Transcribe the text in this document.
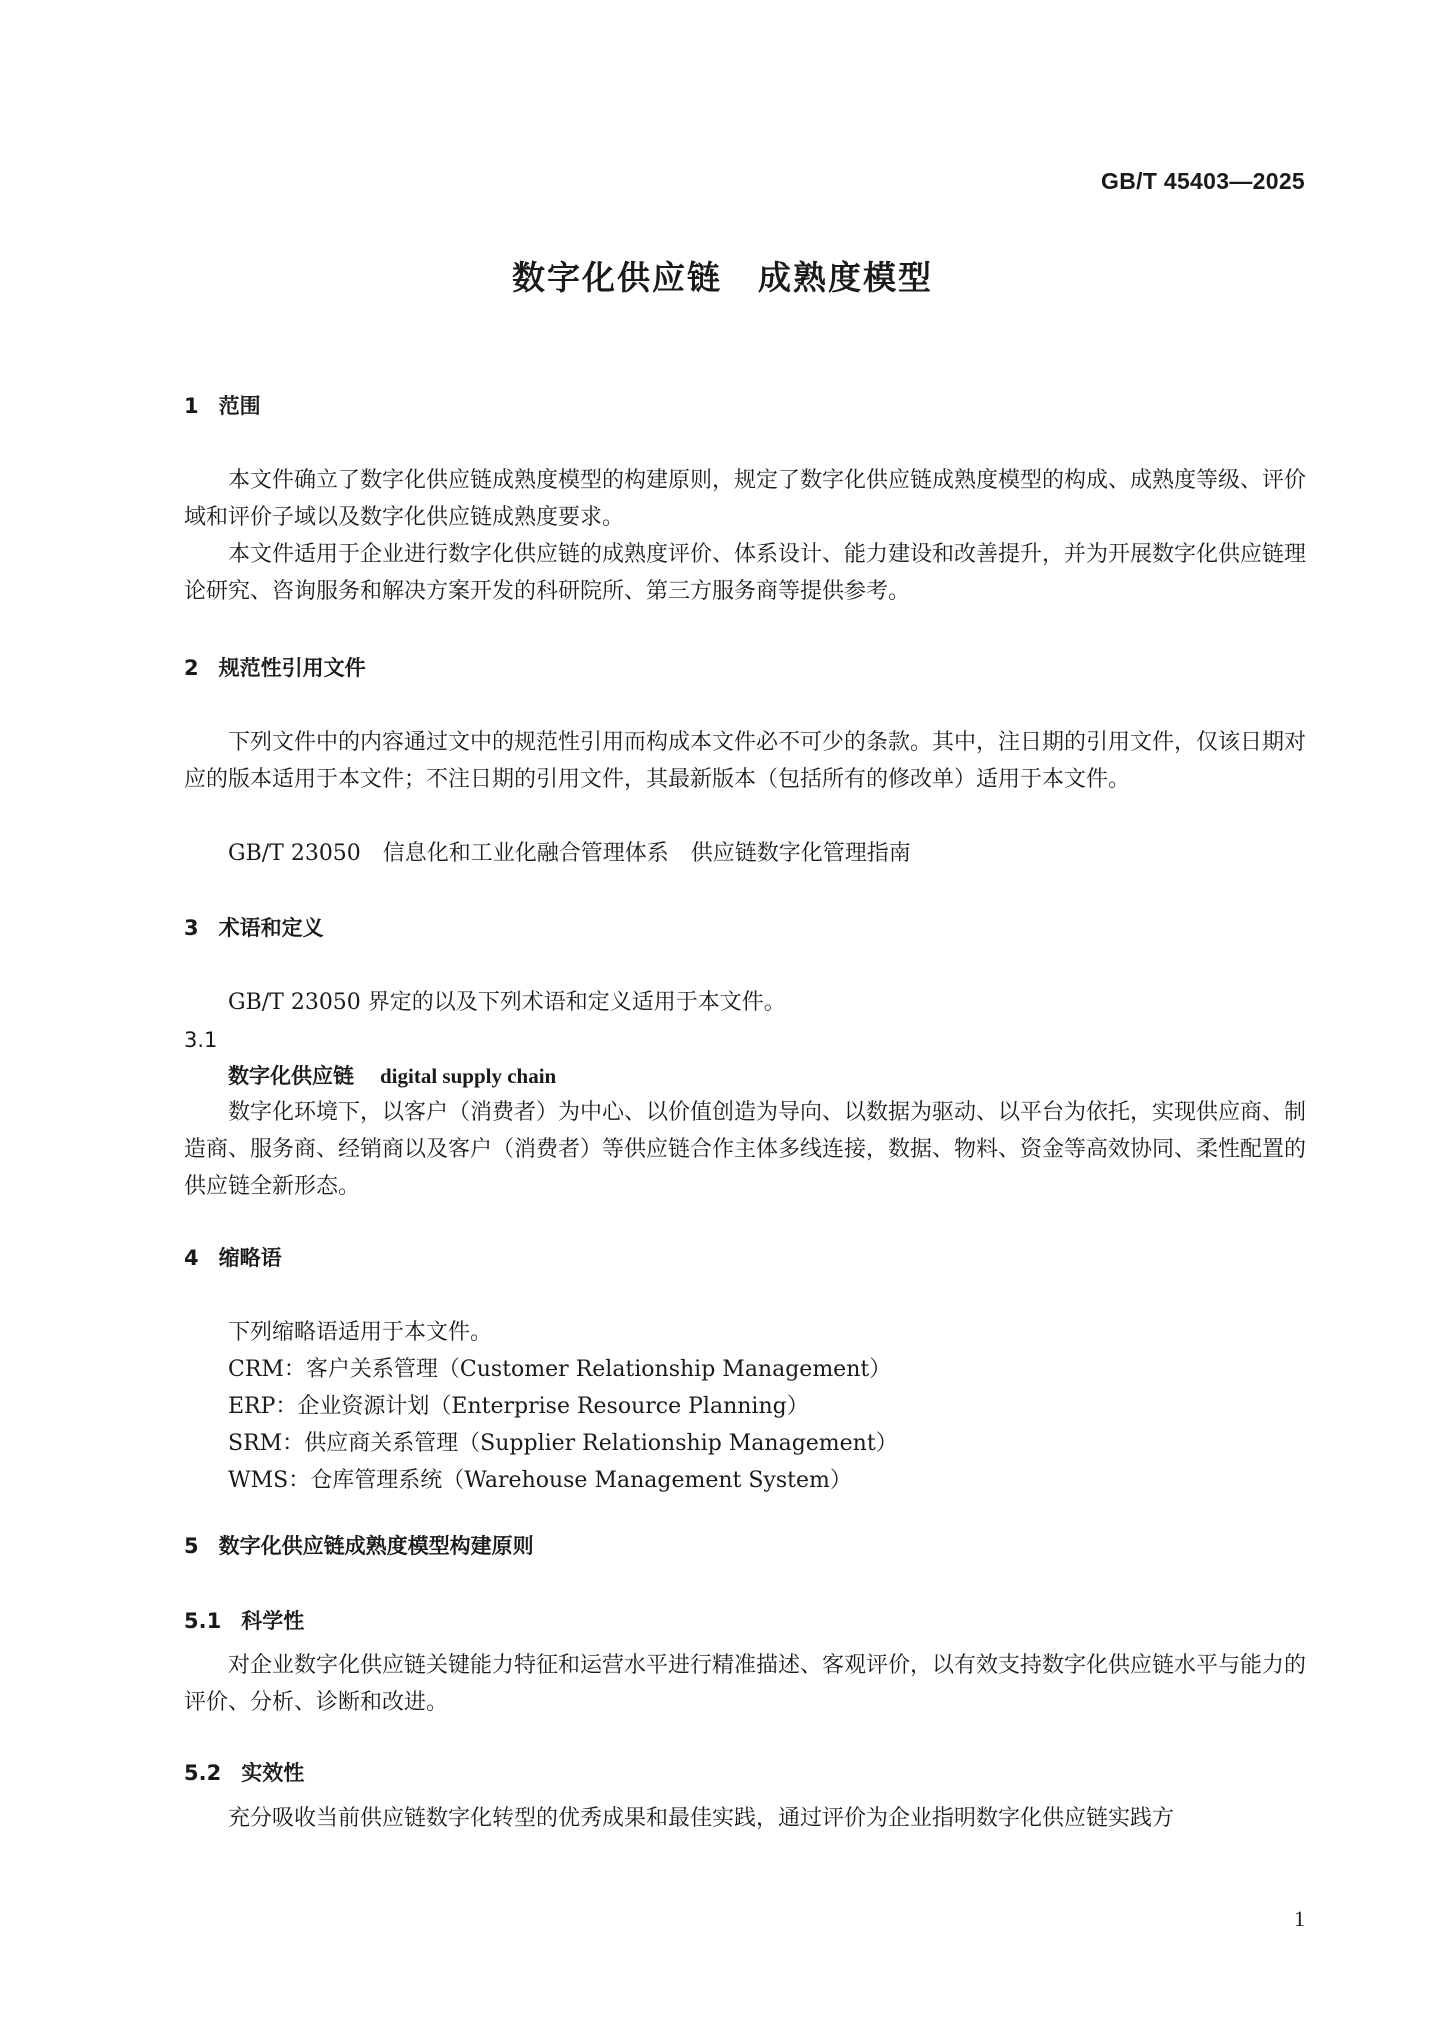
GB/T 45403—2025
数字化供应链 成熟度模型
1 范围

本文件确立了数字化供应链成熟度模型的构建原则，规定了数字化供应链成熟度模型的构成、成熟度等级、评价域和评价子域以及数字化供应链成熟度要求。

本文件适用于企业进行数字化供应链的成熟度评价、体系设计、能力建设和改善提升，并为开展数字化供应链理论研究、咨询服务和解决方案开发的科研院所、第三方服务商等提供参考。

2 规范性引用文件

下列文件中的内容通过文中的规范性引用而构成本文件必不可少的条款。其中，注日期的引用文件，仅该日期对应的版本适用于本文件；不注日期的引用文件，其最新版本（包括所有的修改单）适用于本文件。

GB/T 23050　信息化和工业化融合管理体系　供应链数字化管理指南
3 术语和定义
GB/T 23050 界定的以及下列术语和定义适用于本文件。
3.1
数字化供应链 digital supply chain

数字化环境下，以客户（消费者）为中心、以价值创造为导向、以数据为驱动、以平台为依托，实现供应商、制造商、服务商、经销商以及客户（消费者）等供应链合作主体多线连接，数据、物料、资金等高效协同、柔性配置的供应链全新形态。

4 缩略语
下列缩略语适用于本文件。
CRM：客户关系管理（Customer Relationship Management）
ERP：企业资源计划（Enterprise Resource Planning）
SRM：供应商关系管理（Supplier Relationship Management）
WMS：仓库管理系统（Warehouse Management System）
5 数字化供应链成熟度模型构建原则
5.1 科学性

对企业数字化供应链关键能力特征和运营水平进行精准描述、客观评价，以有效支持数字化供应链水平与能力的评价、分析、诊断和改进。

5.2 实效性

充分吸收当前供应链数字化转型的优秀成果和最佳实践，通过评价为企业指明数字化供应链实践方

1
